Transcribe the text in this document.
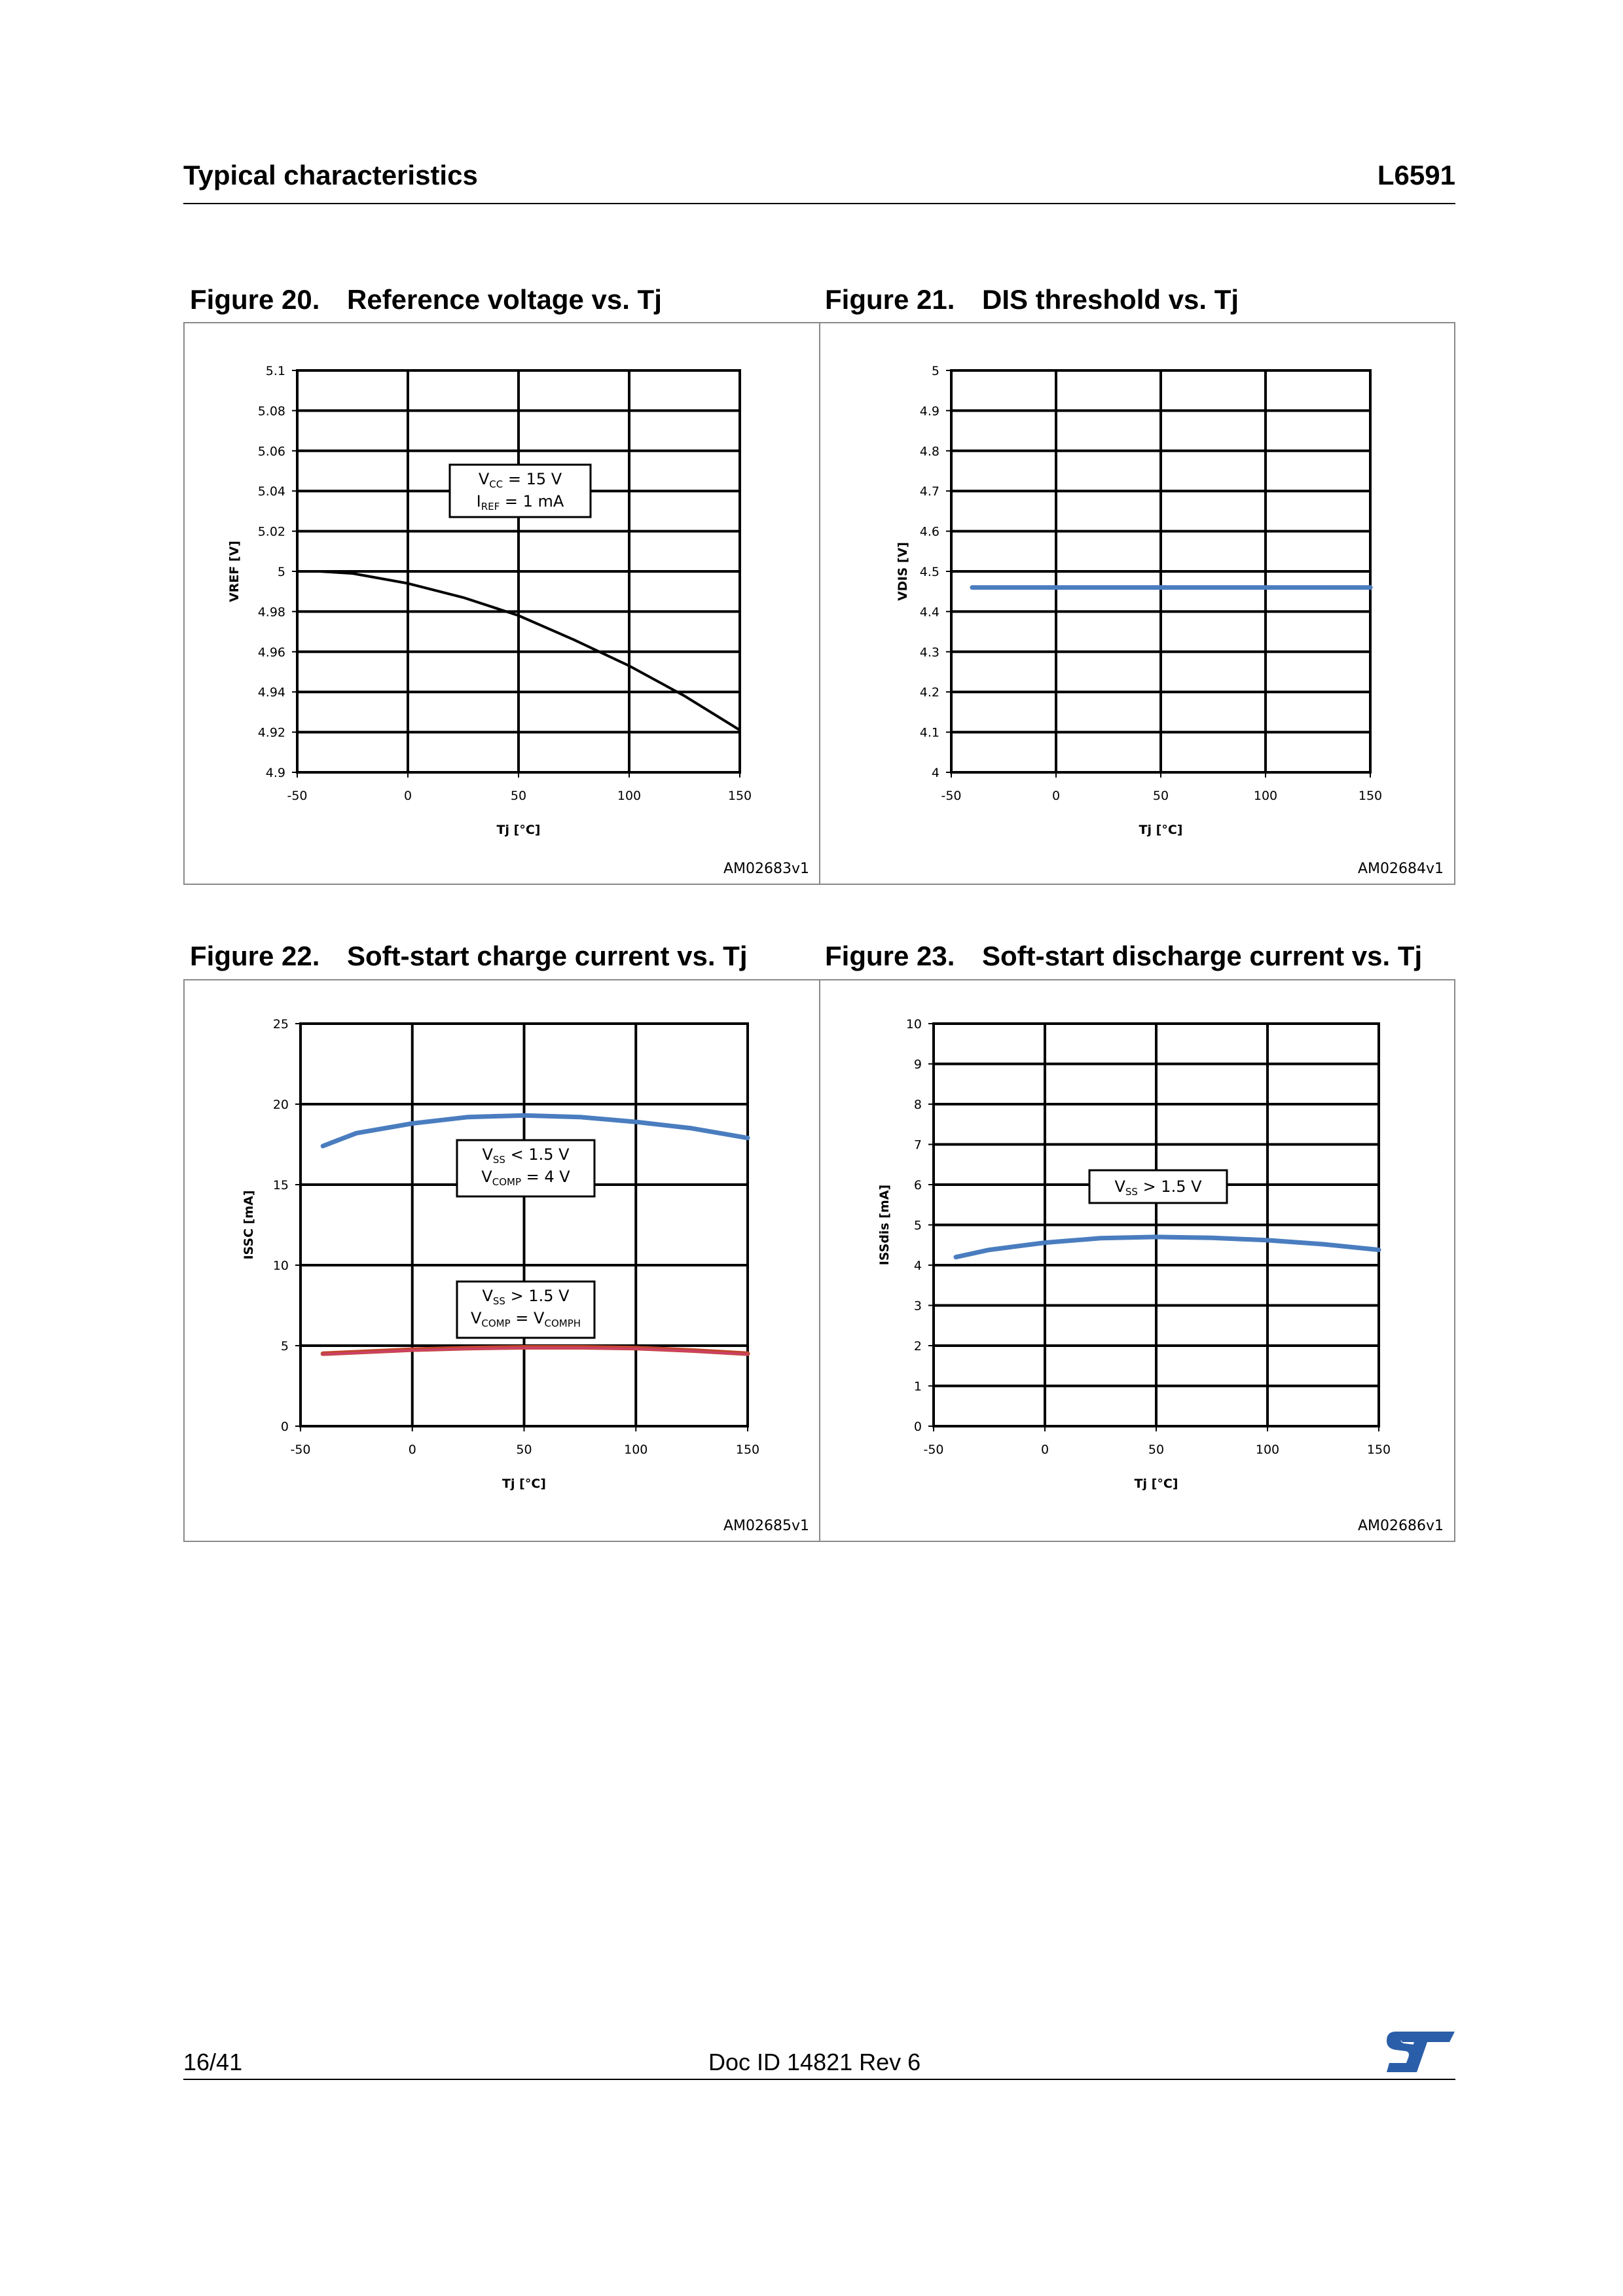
Typical characteristics	L6591
Figure 20. Reference voltage vs. Tj	Figure 21. DIS threshold vs. Tj
Figure 22. Soft-start charge current vs. Tj	Figure 23. Soft-start discharge current vs. Tj
4.9
4.92
4.94
4.96
4.98
5
5.02
5.04
5.06
5.08
5.1
-50	0	50	100	150
Tj [°C]
VREF [V]
$V_{CC} = 15$ V
$I_{REF} = 1$ mA
AM02683v1
4
4.1
4.2
4.3
4.4
4.5
4.6
4.7
4.8
4.9
5
-50	0	50	100	150
Tj [°C]
VDIS [V]
AM02684v1
0
5
10
15
20
25
-50	0	50	100	150
Tj [°C]
ISSC [mA]
$V_{SS} < 1.5$ V
$V_{COMP} = 4$ V
$V_{SS} > 1.5$ V
$V_{COMP} = V_{COMPH}$
AM02685v1
0
1
2
3
4
5
6
7
8
9
10
-50	0	50	100	150
Tj [°C]
ISSdis [mA]	$V_{SS} > 1.5$ V
AM02686v1
16/41	Doc ID 14821 Rev 6
